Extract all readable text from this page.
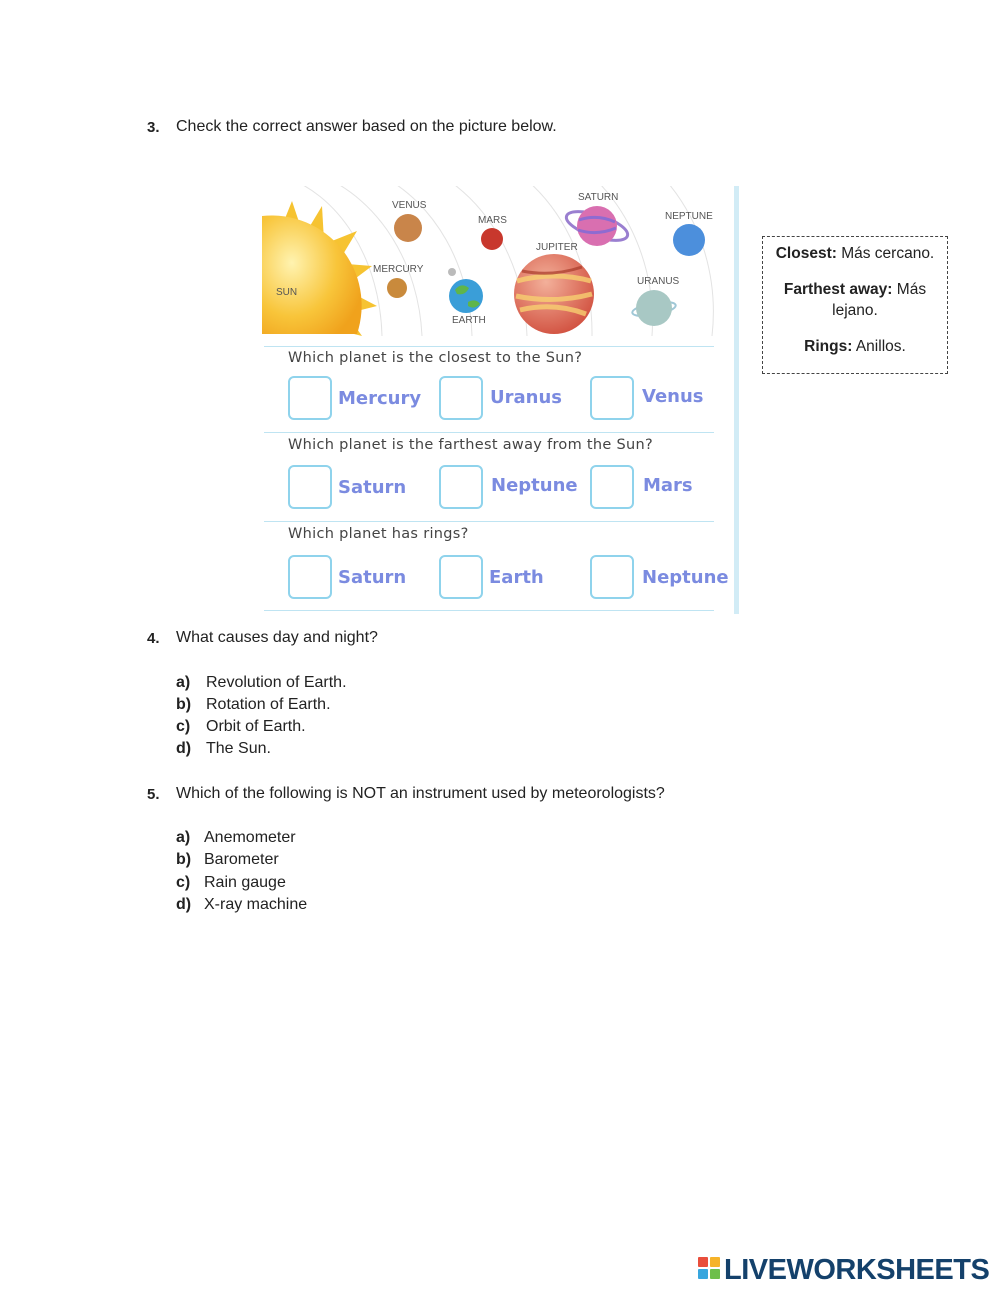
3. Check the correct answer based on the picture below.
SUN
MERCURY
VENUS
EARTH
MARS
JUPITER
SATURN
NEPTUNE
URANUS
Which planet is the closest to the Sun?
Mercury	Uranus	Venus
Which planet is the farthest away from the Sun?
Saturn	Neptune	Mars
Which planet has rings?
Saturn	Earth	Neptune

Closest: Más cercano.

Farthest away: Más lejano.

Rings: Anillos.

4. What causes day and night?
a) Revolution of Earth.
b) Rotation of Earth.
c) Orbit of Earth.
d) The Sun.
5. Which of the following is NOT an instrument used by meteorologists?
a) Anemometer
b) Barometer
c) Rain gauge
d) X-ray machine
LIVEWORKSHEETS
